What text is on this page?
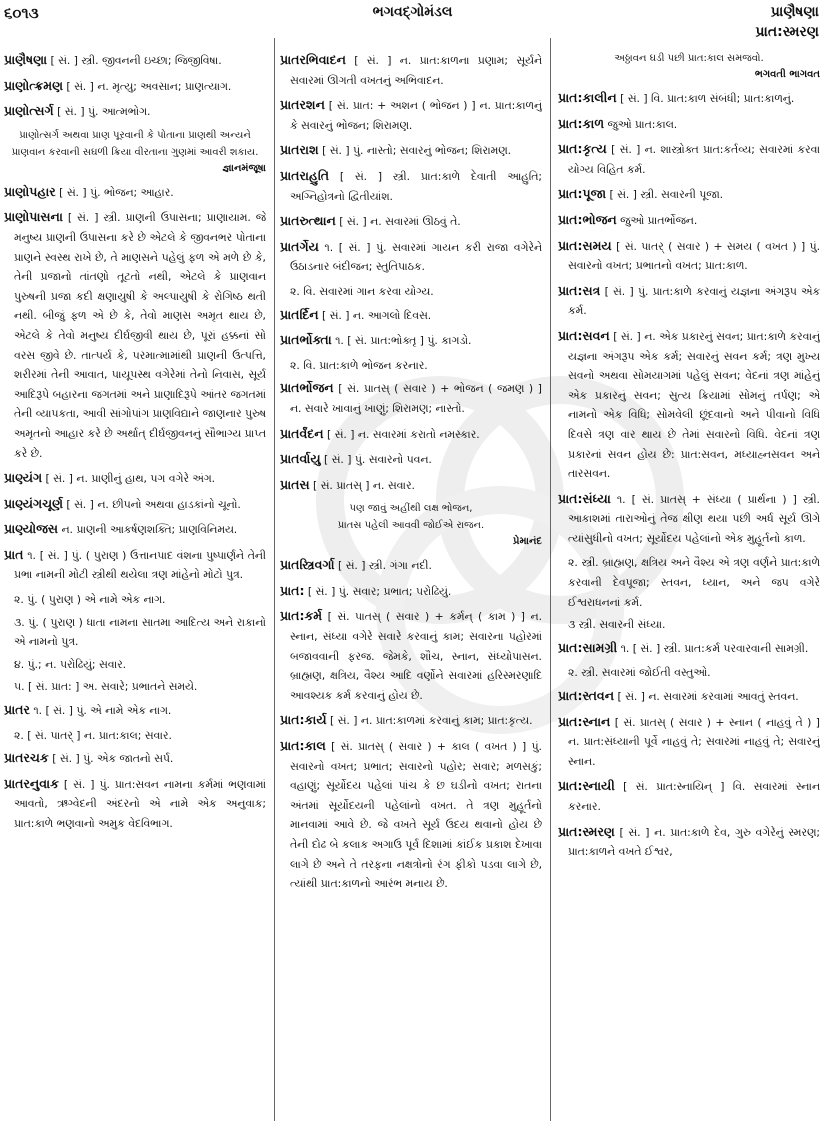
૬૦૧૩	ભગવદ્ગોમંડલ	પ્રાણૈષણા
પ્રાત:સ્મરણ

પ્રાણૈષણા [ સં. ] સ્ત્રી. જીવનની ઇચ્છા; જિજીવિષા.

પ્રાણોત્ક્રમણ [ સં. ] ન. મૃત્યુ; અવસાન; પ્રાણત્યાગ.

પ્રાણોત્સર્ગ [ સં. ] પું. આત્મભોગ.

પ્રાણોત્સર્ગ અથવા પ્રાણ પૂરવાની કે પોતાના પ્રાણથી અન્યને પ્રાણવાન કરવાની સઘળી ક્રિયા વીરતાના ગુણમાં આવરી શકાય.

જ્ઞાનમંજૂષા

પ્રાણોપહાર [ સં. ] પું. ભોજન; આહાર.

પ્રાણોપાસના [ સં. ] સ્ત્રી. પ્રાણની ઉપાસના; પ્રાણાયામ. જે મનુષ્ય પ્રાણની ઉપાસના કરે છે એટલે કે જીવનભર પોતાના પ્રાણને સ્વસ્થ રાખે છે, તે માણસને પહેલું ફળ એ મળે છે કે, તેની પ્રજાનો તાંતણો તૂટતો નથી, એટલે કે પ્રાણવાન પુરુષની પ્રજા કદી ક્ષણાયુષી કે અલ્પાયુષી કે રોગિષ્ઠ થતી નથી. બીજું ફળ એ છે કે, તેવો માણસ અમૃત થાય છે, એટલે કે તેવો મનુષ્ય દીર્ઘજીવી થાય છે, પૂરાં હક્કનાં સો વરસ જીવે છે. તાત્પર્ય કે, પરમાત્મામાંથી પ્રાણની ઉત્પત્તિ, શરીરમાં તેની આવાત, પાયૂપસ્થ વગેરેમાં તેનો નિવાસ, સૂર્ય આદિરૂપે બહારના જગતમાં અને પ્રાણાદિરૂપે આંતર જગતમાં તેની વ્યાપકતા, આવી સાંગોપાંગ પ્રાણવિદ્યાને જાણનાર પુરુષ અમૃતનો આહાર કરે છે અર્થાત્ દીર્ઘજીવનનું સૌભાગ્ય પ્રાપ્ત કરે છે.

પ્રાણ્યંગ [ સં. ] ન. પ્રાણીનું હાથ, પગ વગેરે અંગ.

પ્રાણ્યંગચૂર્ણ [ સં. ] ન. છીપનો અથવા હાડકાંનો ચૂનો.

પ્રાણ્યોજસ ન. પ્રાણની આકર્ષણશક્તિ; પ્રાણવિનિમય.

પ્રાત ૧. [ સં. ] પું. ( પુરાણ ) ઉત્તાનપાદ વંશના પુષ્પાર્ણને તેની પ્રભા નામની મોટી સ્ત્રીથી થયેલા ત્રણ માંહેનો મોટો પુત્ર.

૨. પું. ( પુરાણ ) એ નામે એક નાગ.

૩. પું. ( પુરાણ ) ધાતા નામના સાતમા આદિત્ય અને રાકાનો એ નામનો પુત્ર.

૪. પું.; ન. પરોઢિયું; સવાર.

૫. [ સં. પ્રાત: ] અ. સવારે; પ્રભાતને સમયે.

પ્રાતર ૧. [ સં. ] પું. એ નામે એક નાગ.

૨. [ સં. પાતર્ ] ન. પ્રાત:કાલ; સવાર.

પ્રાતરચક [ સં. ] પું. એક જાતનો સર્પ.

પ્રાતરનુવાક [ સં. ] પું. પ્રાત:સવન નામના કર્મમાં ભણવામાં આવતો, ઋગ્વેદની અંદરનો એ નામે એક અનુવાક; પ્રાત:કાળે ભણવાનો અમુક વેદવિભાગ.

પ્રાતરભિવાદન [ સં. ] ન. પ્રાત:કાળના પ્રણામ; સૂર્યને સવારમાં ઊગતી વખતનું અભિવાદન.

પ્રાતરશન [ સં. પ્રાત: + અશન ( ભોજન ) ] ન. પ્રાત:કાળનું કે સવારનું ભોજન; શિરામણ.

પ્રાતરાશ [ સં. ] પું. નાસ્તો; સવારનું ભોજન; શિરામણ.

પ્રાતરાહુતિ [ સં. ] સ્ત્રી. પ્રાત:કાળે દેવાતી આહુતિ; અગ્નિહોત્રનો દ્વિતીયાંશ.

પ્રાતરુત્થાન [ સં. ] ન. સવારમાં ઊઠવું તે.

પ્રાતર્ગેય ૧. [ સં. ] પું. સવારમાં ગાયન કરી રાજા વગેરેને ઉઠાડનાર બંદીજન; સ્તુતિપાઠક.

૨. વિ. સવારમાં ગાન કરવા યોગ્ય.

પ્રાતર્દિન [ સં. ] ન. આગલો દિવસ.

પ્રાતર્ભોક્તા ૧. [ સં. પ્રાત:ભોક્તૃ ] પું. કાગડો.

૨. વિ. પ્રાત:કાળે ભોજન કરનાર.

પ્રાતર્ભોજન [ સં. પ્રાતસ્ ( સવાર ) + ભોજન ( જમણ ) ] ન. સવારે ખાવાનું ખાણું; શિરામણ; નાસ્તો.

પ્રાતર્વંદન [ સં. ] ન. સવારમાં કરાતો નમસ્કાર.

પ્રાતર્વાયુ [ સં. ] પું. સવારનો પવન.

પ્રાતસ [ સં. પ્રાતસ્ ] ન. સવાર.

પણ જાવું અહીંથી લક્ષ ભોજન,

પ્રાતસ પહેલી આવવી જોઈએ રાજન.

પ્રેમાનંદ

પ્રાતસ્ત્રિવર્ગા [ સં. ] સ્ત્રી. ગંગા નદી.

પ્રાત: [ સં. ] પું. સવાર; પ્રભાત; પરોઢિયું.

પ્રાત:કર્મ [ સં. પાતસ્ ( સવાર ) + કર્મન્ ( કામ ) ] ન. સ્નાન, સંધ્યા વગેરે સવારે કરવાનું કામ; સવારના પહોરમાં બજાવવાની ફરજ. જેમકે, શૌચ, સ્નાન, સંધ્યોપાસન. બ્રાહ્મણ, ક્ષત્રિય, વૈશ્ય આદિ વર્ણોને સવારમાં હરિસ્મરણાદિ આવશ્યક કર્મ કરવાનું હોય છે.

પ્રાત:કાર્ય [ સં. ] ન. પ્રાત:કાળમાં કરવાનું કામ; પ્રાત:કૃત્ય.

પ્રાત:કાલ [ સં. પ્રાતસ્ ( સવાર ) + કાલ ( વખત ) ] પું. સવારનો વખત; પ્રભાત; સવારનો પહોર; સવાર; મળસકું; વહાણું; સૂર્યોદય પહેલાં પાંચ કે છ ઘડીનો વખત; રાતના અંતમાં સૂર્યોદયની પહેલાંનો વખત. તે ત્રણ મુહૂર્તનો માનવામાં આવે છે. જે વખતે સૂર્ય ઉદય થવાનો હોય છે તેની દોઢ બે કલાક અગાઉ પૂર્વ દિશામાં કાંઈક પ્રકાશ દેખાવા લાગે છે અને તે તરફના નક્ષત્રોનો રંગ ફીકો પડવા લાગે છે, ત્યાંથી પ્રાત:કાળનો આરંભ મનાય છે.

અઠ્ઠાવન ઘડી પછી પ્રાત:કાલ સમજવો.

ભગવતી ભાગવત

પ્રાત:કાલીન [ સં. ] વિ. પ્રાત:કાળ સંબંધી; પ્રાત:કાળનું.

પ્રાત:કાળ જુઓ પ્રાત:કાલ.

પ્રાત:કૃત્ય [ સં. ] ન. શાસ્ત્રોક્ત પ્રાત:કર્તવ્ય; સવારમાં કરવા યોગ્ય વિહિત કર્મ.

પ્રાત:પૂજા [ સં. ] સ્ત્રી. સવારની પૂજા.

પ્રાત:ભોજન જુઓ પ્રાતર્ભોજન.

પ્રાત:સમય [ સં. પાતર્ ( સવાર ) + સમય ( વખત ) ] પું. સવારનો વખત; પ્રભાતનો વખત; પ્રાત:કાળ.

પ્રાત:સત્ર [ સં. ] પું. પ્રાત:કાળે કરવાનું યજ્ઞના અંગરૂપ એક કર્મ.

પ્રાત:સવન [ સં. ] ન. એક પ્રકારનું સવન; પ્રાત:કાળે કરવાનું યજ્ઞના અંગરૂપ એક કર્મ; સવારનું સવન કર્મ; ત્રણ મુખ્ય સવનો અથવા સોમયાગમાં પહેલું સવન; વેદનાં ત્રણ માંહેનું એક પ્રકારનું સવન; સુત્ય ક્રિયામાં સોમનું તર્પણ; એ નામનો એક વિધિ; સોમવેલી છૂંદવાનો અને પીવાનો વિધિ દિવસે ત્રણ વાર થાય છે તેમાં સવારનો વિધિ. વેદનાં ત્રણ પ્રકારનાં સવન હોય છે: પ્રાત:સવન, મધ્યાહ્નસવન અને તારસવન.

પ્રાત:સંધ્યા ૧. [ સં. પ્રાતસ્ + સંધ્યા ( પ્રાર્થના ) ] સ્ત્રી. આકાશમાં તારાઓનું તેજ ક્ષીણ થયા પછી અર્ધ સૂર્ય ઊગે ત્યાંસુધીનો વખત; સૂર્યોદય પહેલાંનો એક મુહૂર્તનો કાળ.

૨. સ્ત્રી. બ્રાહ્મણ, ક્ષત્રિય અને વૈશ્ય એ ત્રણ વર્ણને પ્રાત:કાળે કરવાની દેવપૂજા; સ્તવન, ધ્યાન, અને જપ વગેરે ઈશ્વરાધનનાં કર્મ.

૩ સ્ત્રી. સવારની સંધ્યા.

પ્રાત:સામગ્રી ૧. [ સં. ] સ્ત્રી. પ્રાત:કર્મ પરવારવાની સામગ્રી.

૨. સ્ત્રી. સવારમાં જોઈતી વસ્તુઓ.

પ્રાત:સ્તવન [ સં. ] ન. સવારમાં કરવામાં આવતું સ્તવન.

પ્રાત:સ્નાન [ સં. પ્રાતસ્ ( સવાર ) + સ્નાન ( નાહવું તે ) ] ન. પ્રાત:સંધ્યાની પૂર્વે નાહવું તે; સવારમાં નાહવું તે; સવારનું સ્નાન.

પ્રાત:સ્નાયી [ સં. પ્રાત:સ્નાયિન્ ] વિ. સવારમાં સ્નાન કરનાર.

પ્રાત:સ્મરણ [ સં. ] ન. પ્રાત:કાળે દેવ, ગુરુ વગેરેનું સ્મરણ; પ્રાત:કાળને વખતે ઈશ્વર,
